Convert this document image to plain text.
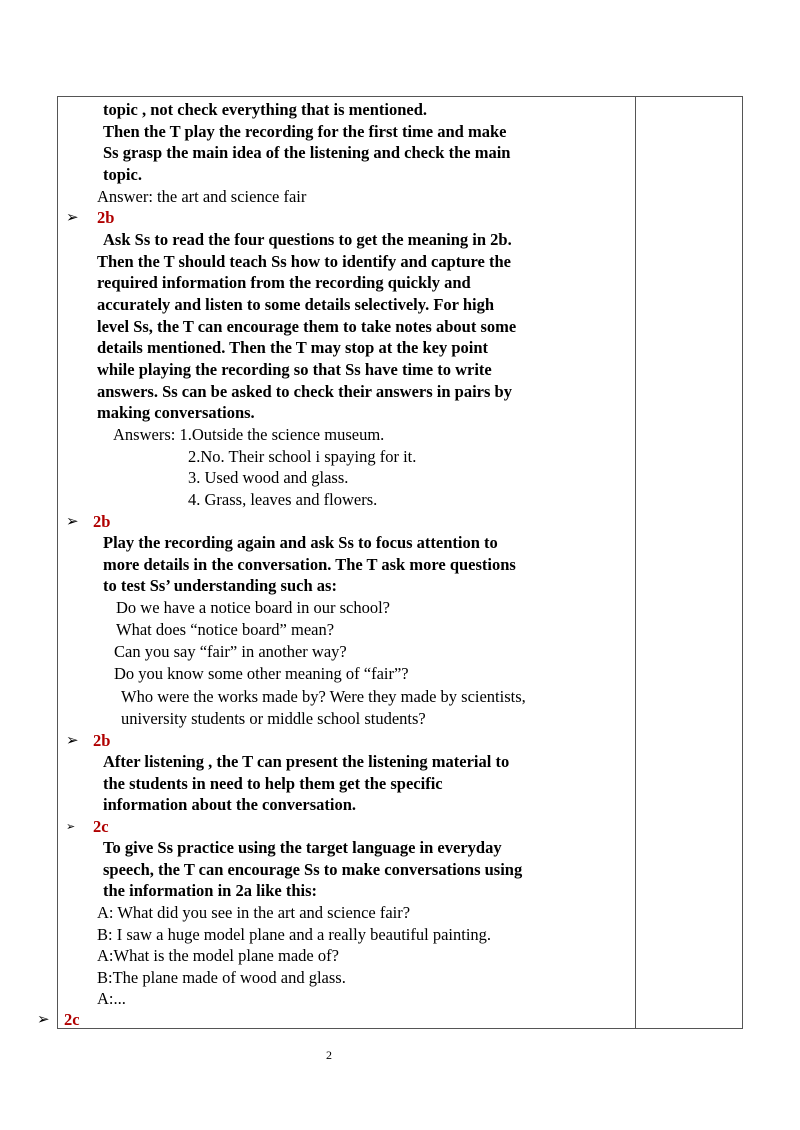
topic , not check everything that is mentioned.
Then the T play the recording for the first time and make
Ss grasp the main idea of the listening and check the main
topic.
Answer: the art and science fair
➢ 2b
Ask Ss to read the four questions to get the meaning in 2b.
Then the T should teach Ss how to identify and capture the
required information from the recording quickly and
accurately and listen to some details selectively. For high
level Ss, the T can encourage them to take notes about some
details mentioned. Then the T may stop at the key point
while playing the recording so that Ss have time to write
answers. Ss can be asked to check their answers in pairs by
making conversations.
Answers: 1.Outside the science museum.
2.No. Their school i spaying for it.
3. Used wood and glass.
4. Grass, leaves and flowers.
➢ 2b
Play the recording again and ask Ss to focus attention to
more details in the conversation. The T ask more questions
to test Ss’ understanding such as:
Do we have a notice board in our school?
What does “notice board” mean?
Can you say “fair” in another way?
Do you know some other meaning of “fair”?
Who were the works made by? Were they made by scientists,
university students or middle school students?
➢ 2b
After listening , the T can present the listening material to
the students in need to help them get the specific
information about the conversation.
➢ 2c
To give Ss practice using the target language in everyday
speech, the T can encourage Ss to make conversations using
the information in 2a like this:
A: What did you see in the art and science fair?
B: I saw a huge model plane and a really beautiful painting.
A:What is the model plane made of?
B:The plane made of wood and glass.
A:...
➢ 2c
2
